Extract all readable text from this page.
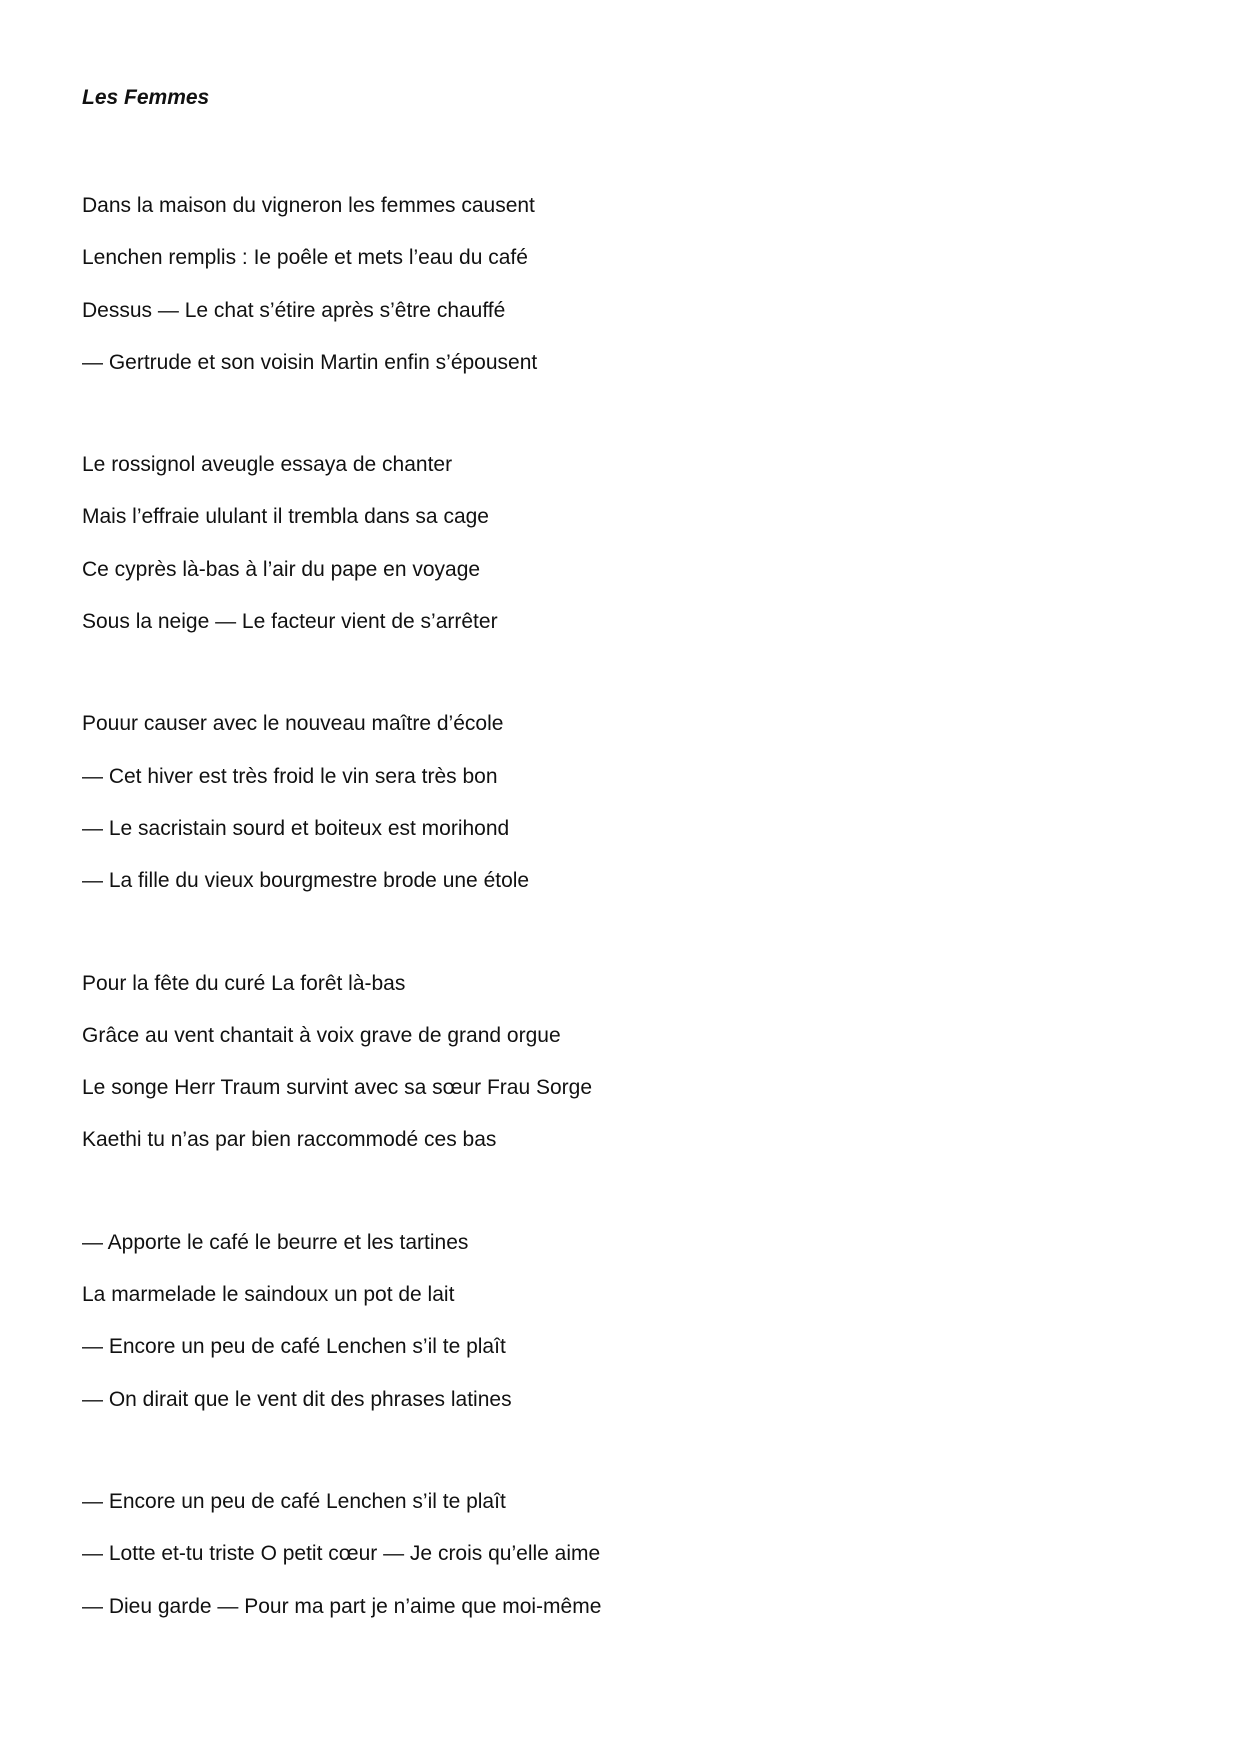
Les Femmes
Dans la maison du vigneron les femmes causent
Lenchen remplis : Ie poêle et mets l’eau du café
Dessus — Le chat s’étire après s’être chauffé
— Gertrude et son voisin Martin enfin s’épousent
Le rossignol aveugle essaya de chanter
Mais l’effraie ululant il trembla dans sa cage
Ce cyprès là-bas à l’air du pape en voyage
Sous la neige — Le facteur vient de s’arrêter
Pouur causer avec le nouveau maître d’école
— Cet hiver est très froid le vin sera très bon
— Le sacristain sourd et boiteux est morihond
— La fille du vieux bourgmestre brode une étole
Pour la fête du curé La forêt là-bas
Grâce au vent chantait à voix grave de grand orgue
Le songe Herr Traum survint avec sa sœur Frau Sorge
Kaethi tu n’as par bien raccommodé ces bas
— Apporte le café le beurre et les tartines
La marmelade le saindoux un pot de lait
— Encore un peu de café Lenchen s’il te plaît
— On dirait que le vent dit des phrases latines
— Encore un peu de café Lenchen s’il te plaît
— Lotte et-tu triste O petit cœur — Je crois qu’elle aime
— Dieu garde — Pour ma part je n’aime que moi-même
